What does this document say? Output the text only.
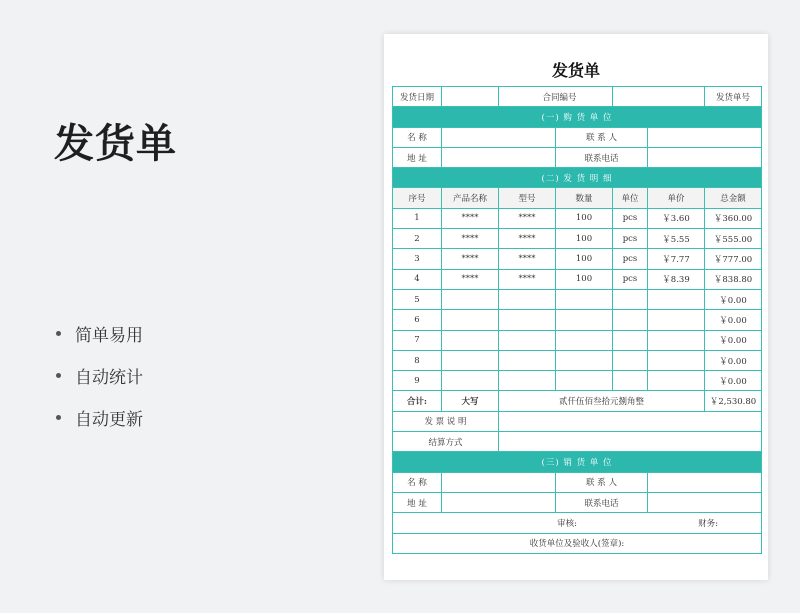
发货单
简单易用
自动统计
自动更新
发货单
发货日期		合同编号				发货单号
(一) 购 货 单 位						
名 称			联 系 人			
地 址			联系电话			
(二) 发 货 明 细						
序号	产品名称	型号	数量	单位	单价	总金额
1	****	****	100	pcs	￥3.60	￥360.00
2	****	****	100	pcs	￥5.55	￥555.00
3	****	****	100	pcs	￥7.77	￥777.00
4	****	****	100	pcs	￥8.39	￥838.80
5						￥0.00
6						￥0.00
7						￥0.00
8						￥0.00
9						￥0.00
合计:	大写	贰仟伍佰叁拾元捌角整				￥2,530.80
发 票 说 明						
结算方式						
(三) 销 货 单 位						
名 称			联 系 人			
地 址			联系电话			
审核: 财务:						
收货单位及验收人(签章):						
